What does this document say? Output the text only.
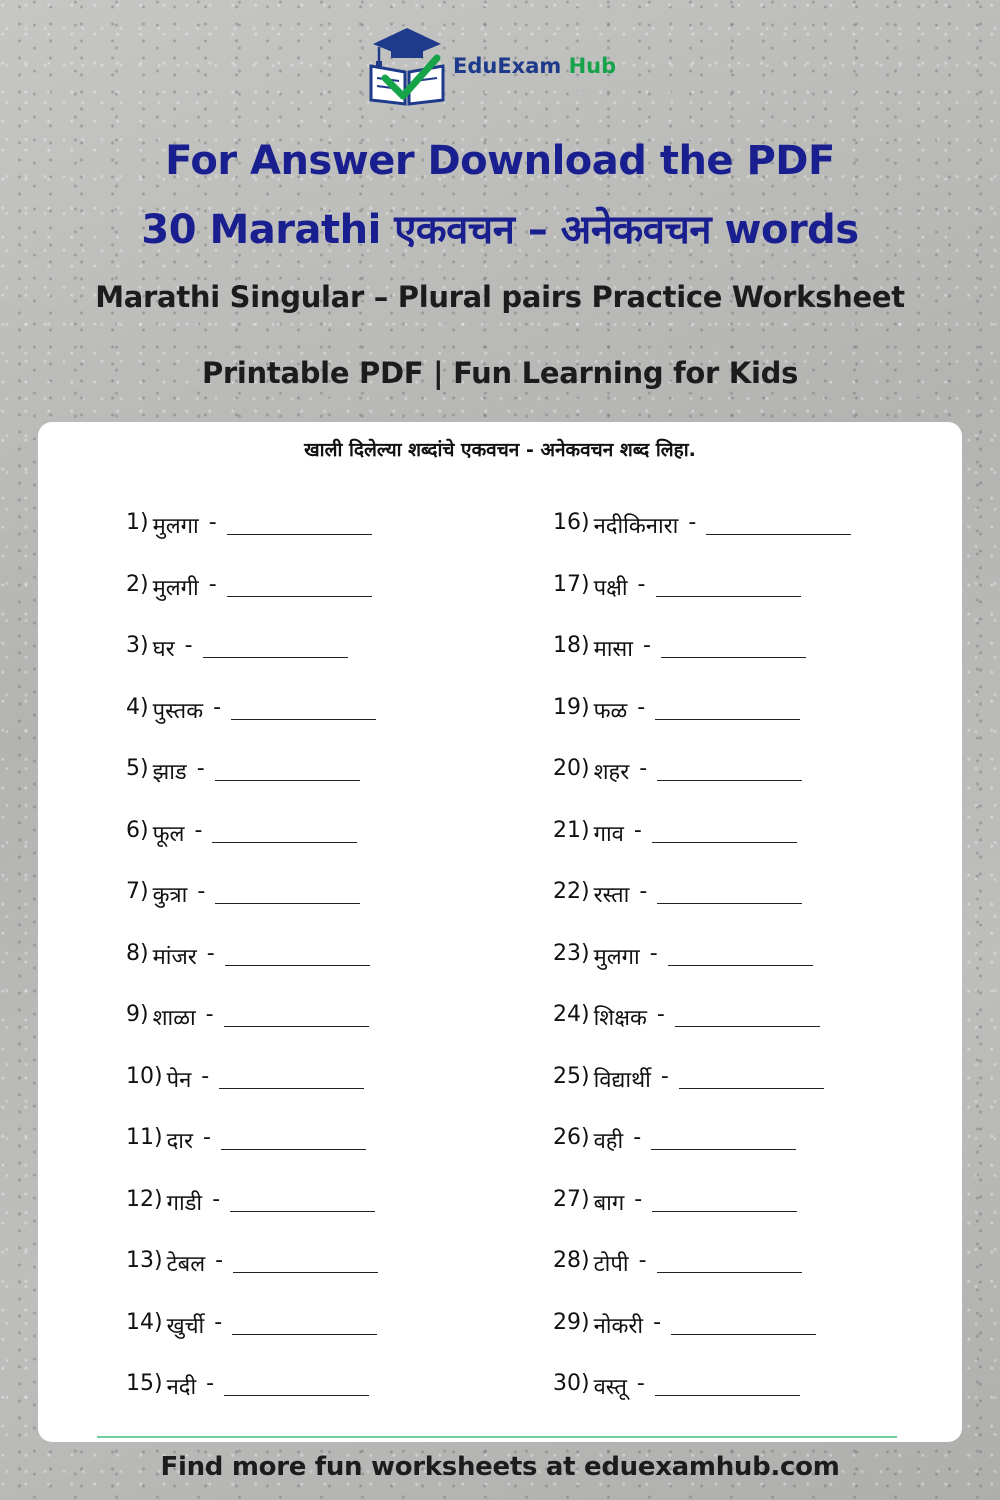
EduExam Hub
For Answer Download the PDF
30 Marathi एकवचन – अनेकवचन words
Marathi Singular – Plural pairs Practice Worksheet
Printable PDF | Fun Learning for Kids
खाली दिलेल्या शब्दांचे एकवचन - अनेकवचन शब्द लिहा.
1) मुलगा -
2) मुलगी -
3) घर -
4) पुस्तक -
5) झाड -
6) फूल -
7) कुत्रा -
8) मांजर -
9) शाळा -
10) पेन -
11) दार -
12) गाडी -
13) टेबल -
14) खुर्ची -
15) नदी -
16) नदीकिनारा -
17) पक्षी -
18) मासा -
19) फळ -
20) शहर -
21) गाव -
22) रस्ता -
23) मुलगा -
24) शिक्षक -
25) विद्यार्थी -
26) वही -
27) बाग -
28) टोपी -
29) नोकरी -
30) वस्तू -
Find more fun worksheets at eduexamhub.com
